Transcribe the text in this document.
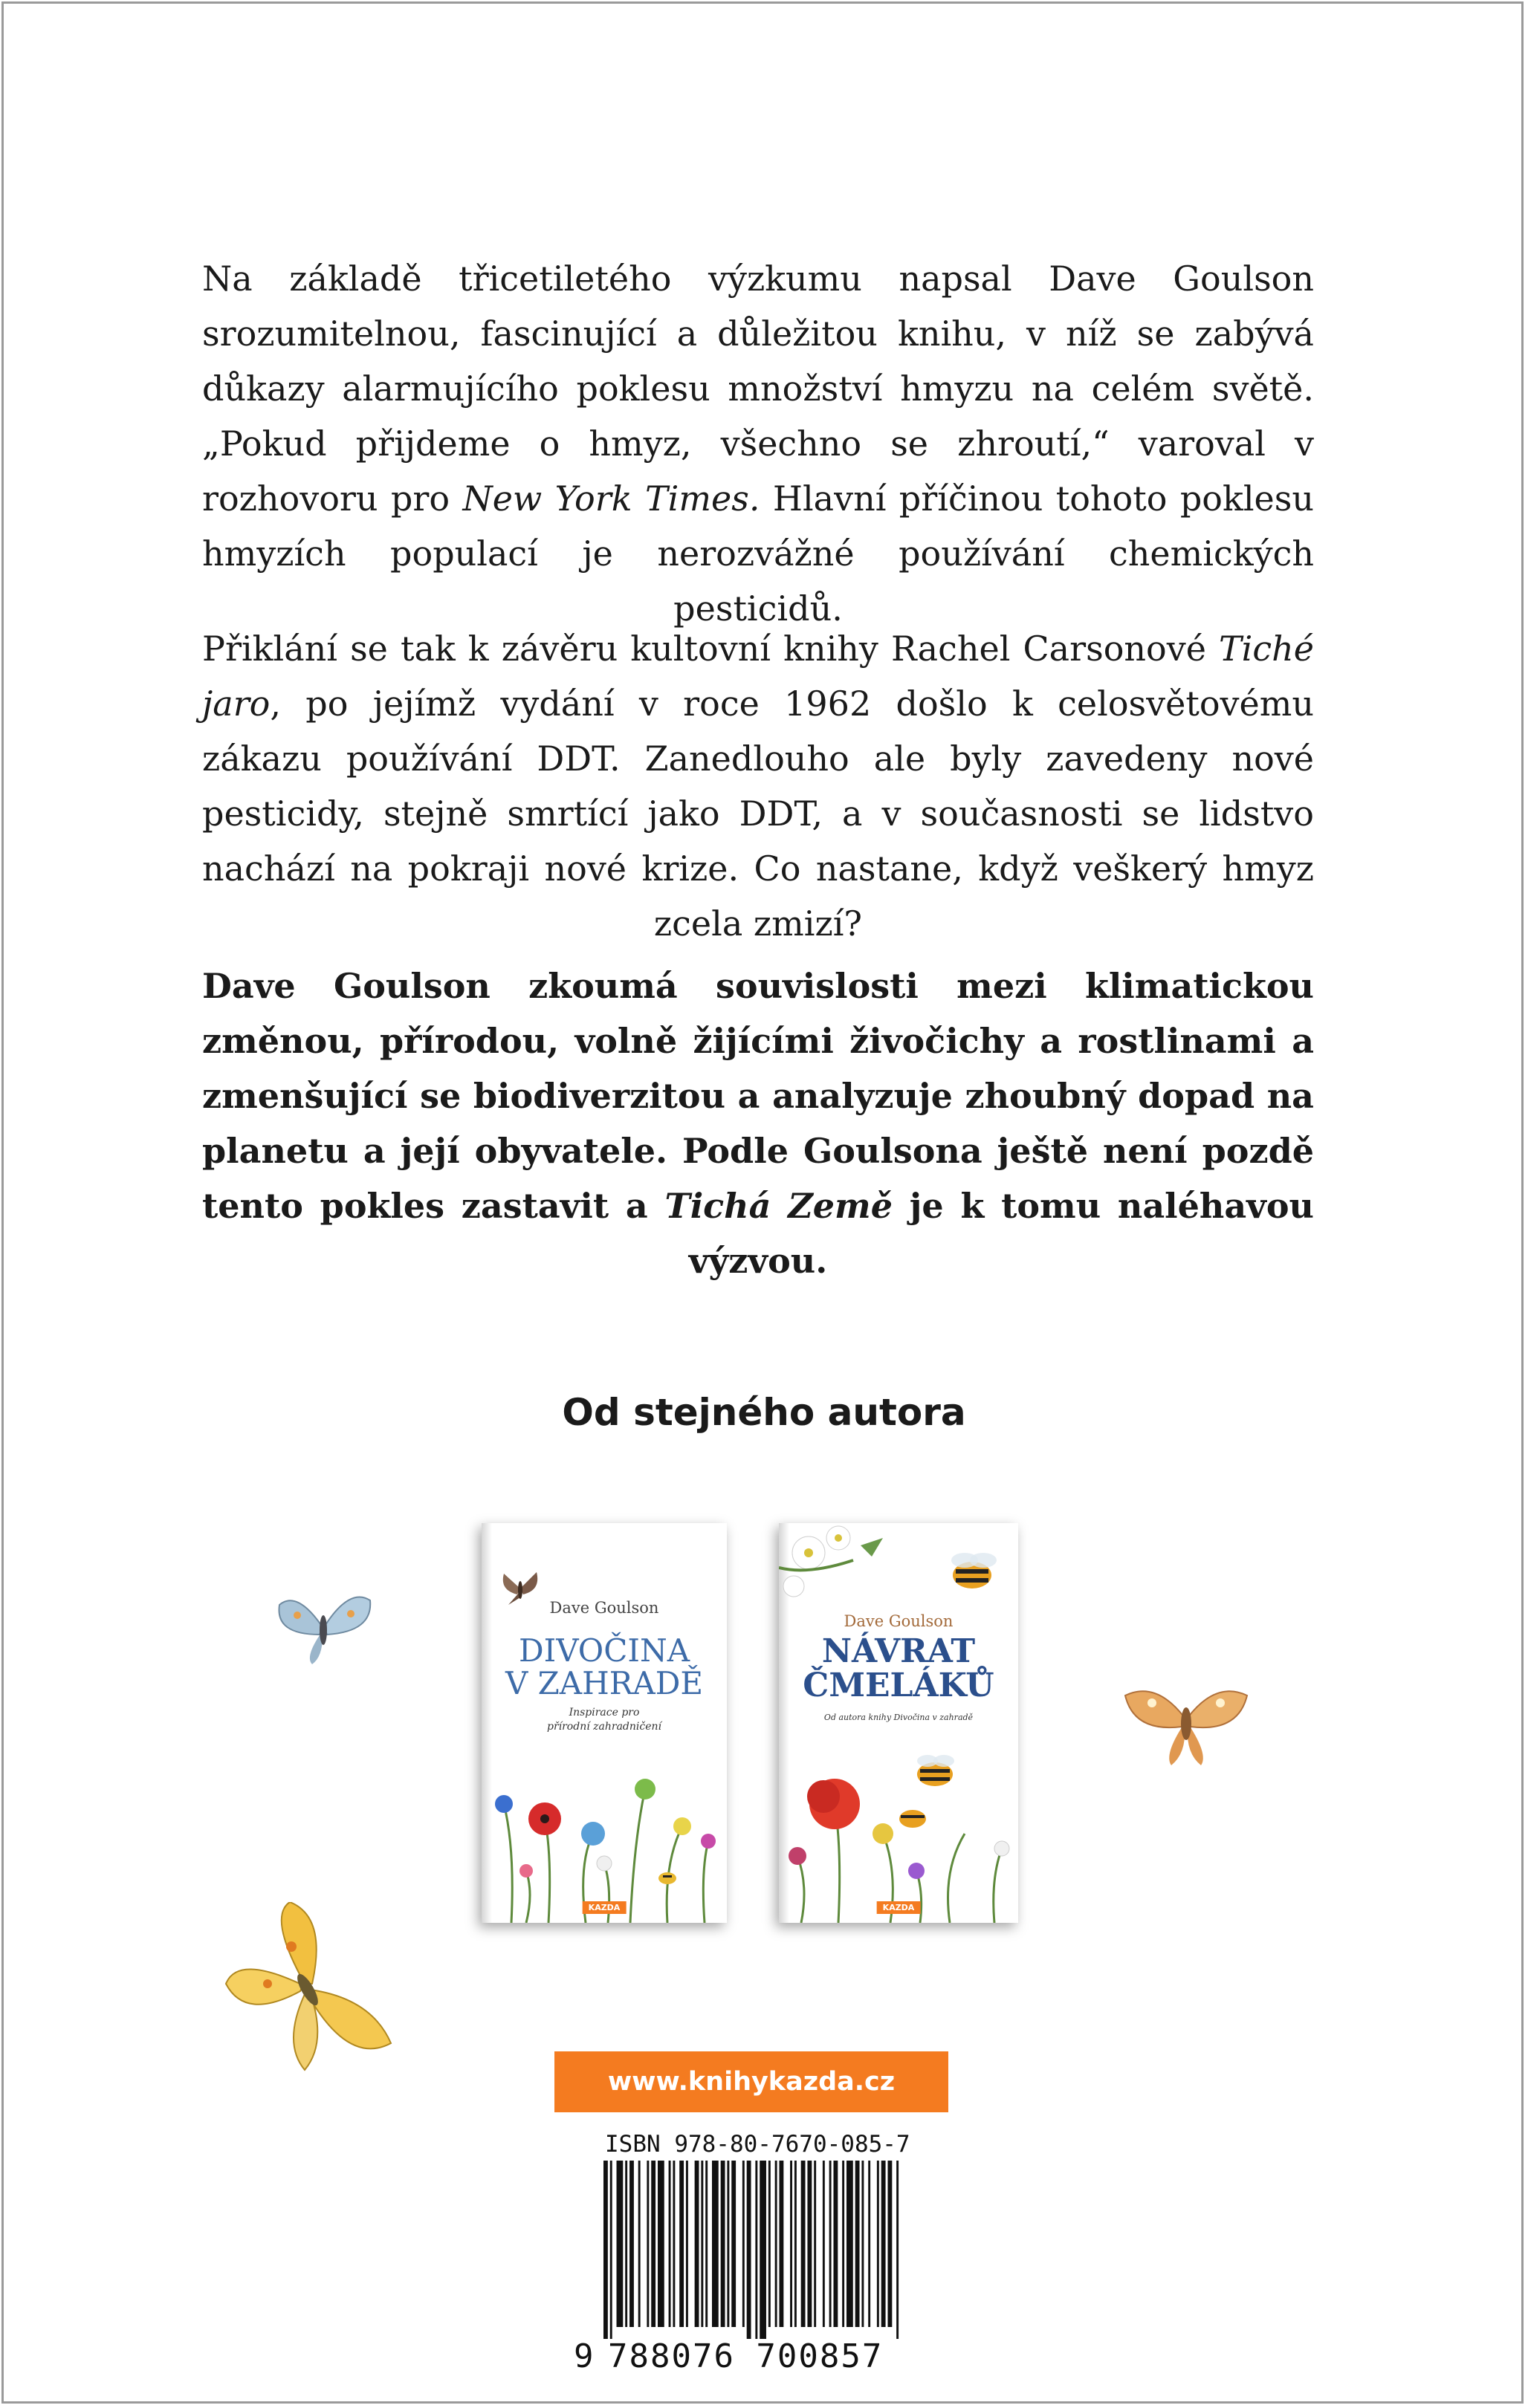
Na základě třicetiletého výzkumu napsal Dave Goulson srozumitelnou, fascinující a důležitou knihu, v níž se zabývá důkazy alarmujícího poklesu množství hmyzu na celém světě. „Pokud přijdeme o hmyz, všechno se zhroutí,“ varoval v rozhovoru pro New York Times. Hlavní příčinou tohoto poklesu hmyzích populací je nerozvážné používání chemických pesticidů.

Přiklání se tak k závěru kultovní knihy Rachel Carsonové Tiché jaro, po jejímž vydání v roce 1962 došlo k celosvětovému zákazu používání DDT. Zanedlouho ale byly zavedeny nové pesticidy, stejně smrtící jako DDT, a v současnosti se lidstvo nachází na pokraji nové krize. Co nastane, když veškerý hmyz zcela zmizí?

Dave Goulson zkoumá souvislosti mezi klimatickou změnou, přírodou, volně žijícími živočichy a rostlinami a zmenšující se biodiverzitou a analyzuje zhoubný dopad na planetu a její obyvatele. Podle Goulsona ještě není pozdě tento pokles zastavit a Tichá Země je k tomu naléhavou výzvou.

Od stejného autora
Dave Goulson
DIVOČINA
V ZAHRADĚ
Inspirace pro
přírodní zahradničení
KAZDA
Dave Goulson
NÁVRAT
ČMELÁKŮ
Od autora knihy Divočina v zahradě
KAZDA
www.knihykazda.cz
ISBN 978-80-7670-085-7
9 788076 700857
